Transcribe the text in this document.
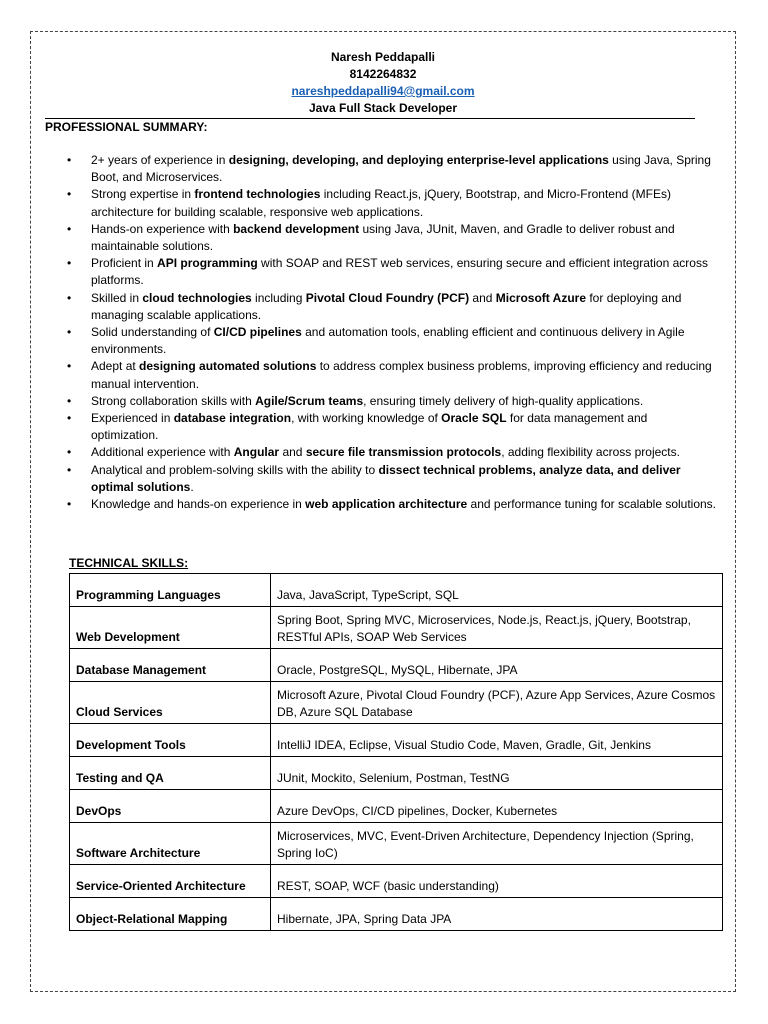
Naresh Peddapalli
8142264832
nareshpeddapalli94@gmail.com
Java Full Stack Developer
PROFESSIONAL SUMMARY:
• 2+ years of experience in designing, developing, and deploying enterprise-level applications using Java, Spring Boot, and Microservices.
• Strong expertise in frontend technologies including React.js, jQuery, Bootstrap, and Micro-Frontend (MFEs) architecture for building scalable, responsive web applications.
• Hands-on experience with backend development using Java, JUnit, Maven, and Gradle to deliver robust and maintainable solutions.
• Proficient in API programming with SOAP and REST web services, ensuring secure and efficient integration across platforms.
• Skilled in cloud technologies including Pivotal Cloud Foundry (PCF) and Microsoft Azure for deploying and managing scalable applications.
• Solid understanding of CI/CD pipelines and automation tools, enabling efficient and continuous delivery in Agile environments.
• Adept at designing automated solutions to address complex business problems, improving efficiency and reducing manual intervention.
• Strong collaboration skills with Agile/Scrum teams, ensuring timely delivery of high-quality applications.
• Experienced in database integration, with working knowledge of Oracle SQL for data management and optimization.
• Additional experience with Angular and secure file transmission protocols, adding flexibility across projects.
• Analytical and problem-solving skills with the ability to dissect technical problems, analyze data, and deliver optimal solutions.
• Knowledge and hands-on experience in web application architecture and performance tuning for scalable solutions.
TECHNICAL SKILLS:
Programming Languages	Java, JavaScript, TypeScript, SQL
Web Development	Spring Boot, Spring MVC, Microservices, Node.js, React.js, jQuery, Bootstrap, RESTful APIs, SOAP Web Services
Database Management	Oracle, PostgreSQL, MySQL, Hibernate, JPA
Cloud Services	Microsoft Azure, Pivotal Cloud Foundry (PCF), Azure App Services, Azure Cosmos DB, Azure SQL Database
Development Tools	IntelliJ IDEA, Eclipse, Visual Studio Code, Maven, Gradle, Git, Jenkins
Testing and QA	JUnit, Mockito, Selenium, Postman, TestNG
DevOps	Azure DevOps, CI/CD pipelines, Docker, Kubernetes
Software Architecture	Microservices, MVC, Event-Driven Architecture, Dependency Injection (Spring, Spring IoC)
Service-Oriented Architecture	REST, SOAP, WCF (basic understanding)
Object-Relational Mapping	Hibernate, JPA, Spring Data JPA
